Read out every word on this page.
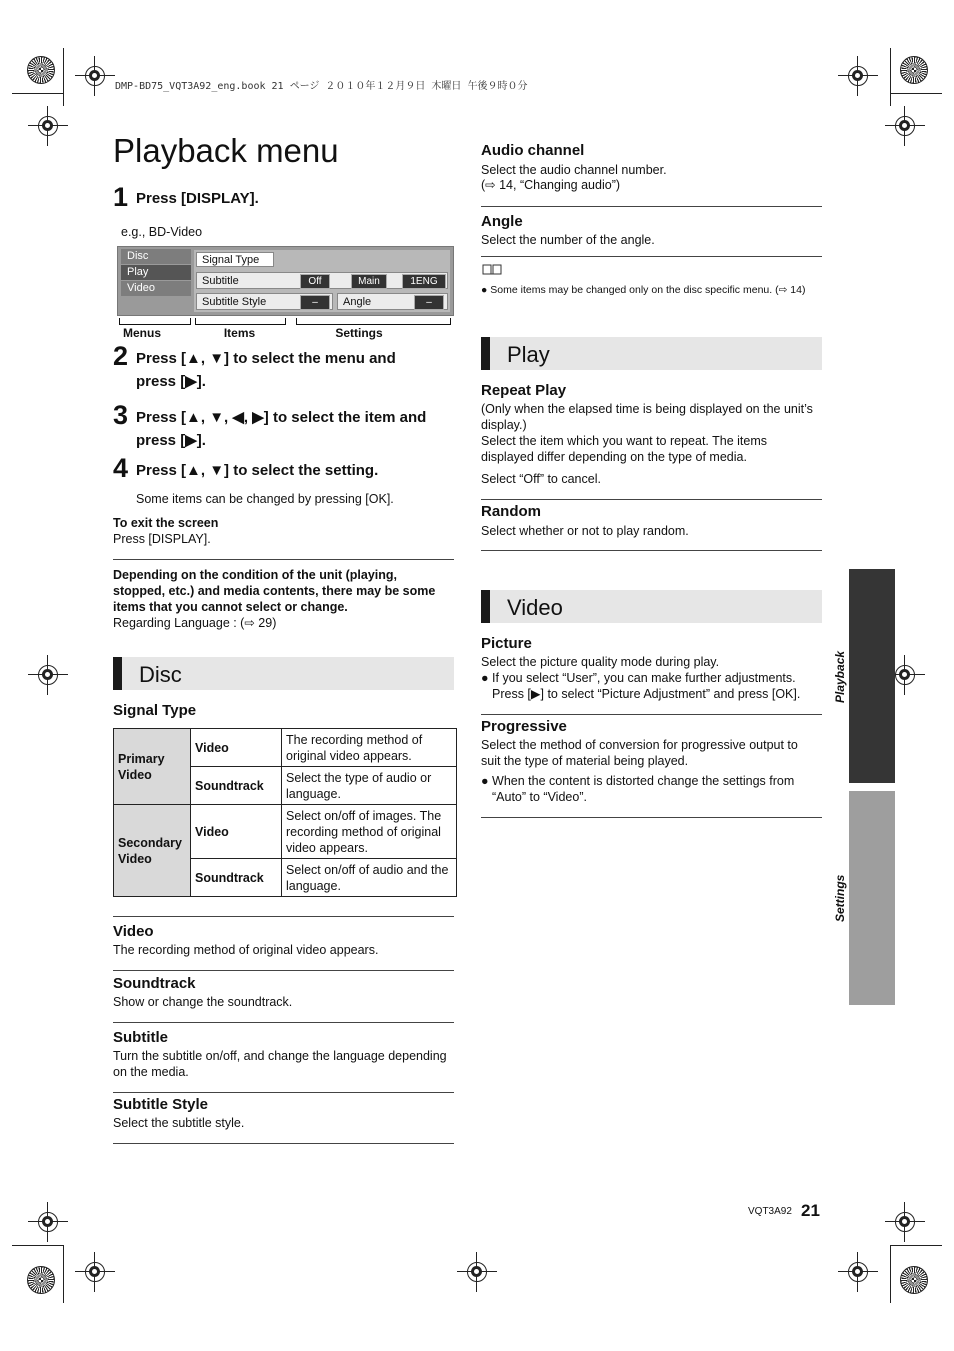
DMP-BD75_VQT3A92_eng.book 21 ページ ２０１０年１２月９日 木曜日 午後９時０分
Playback menu
1 Press [DISPLAY].
e.g., BD-Video
Disc
Play
Video
Signal Type
Subtitle	Off	Main	1ENG
Subtitle Style	–	Angle	–
Menus	Items	Settings
2 Press [▲, ▼] to select the menu and
press [▶].
3 Press [▲, ▼, ◀, ▶] to select the item and
press [▶].
4 Press [▲, ▼] to select the setting.
Some items can be changed by pressing [OK].
To exit the screen
Press [DISPLAY].
Depending on the condition of the unit (playing,
stopped, etc.) and media contents, there may be some
items that you cannot select or change.
Regarding Language : (⇨ 29)
Disc
Signal Type
Primary
Video	Video	The recording method of original video appears.
	Soundtrack	Select the type of audio or language.
Secondary
Video	Video	Select on/off of images. The recording method of original video appears.
	Soundtrack	Select on/off of audio and the language.
Video
The recording method of original video appears.
Soundtrack
Show or change the soundtrack.
Subtitle
Turn the subtitle on/off, and change the language depending
on the media.
Subtitle Style
Select the subtitle style.
Audio channel
Select the audio channel number.
(⇨ 14, “Changing audio”)
Angle
Select the number of the angle.
● Some items may be changed only on the disc specific menu. (⇨ 14)
Play
Repeat Play
(Only when the elapsed time is being displayed on the unit’s
display.)
Select the item which you want to repeat. The items
displayed differ depending on the type of media.
Select “Off” to cancel.
Random
Select whether or not to play random.
Video
Picture
Select the picture quality mode during play.
● If you select “User”, you can make further adjustments.
Press [▶] to select “Picture Adjustment” and press [OK].
Progressive
Select the method of conversion for progressive output to
suit the type of material being played.
● When the content is distorted change the settings from
“Auto” to “Video”.
Playback
Settings
VQT3A92 21
